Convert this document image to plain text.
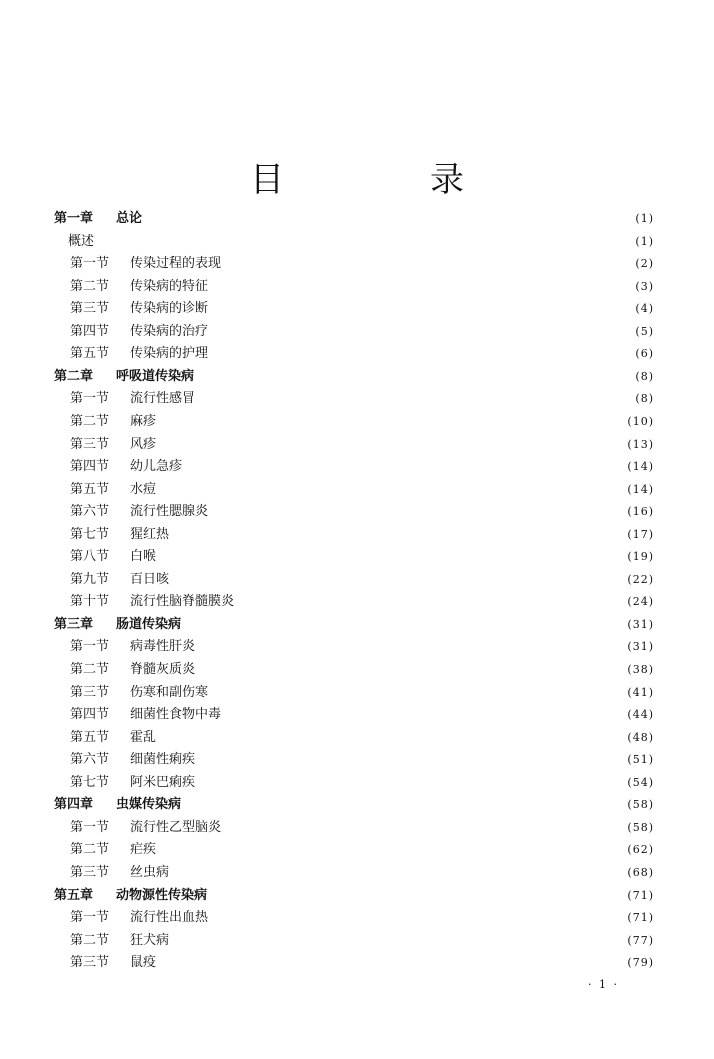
目　录
第一章	总论	(1)
概述	(1)
第一节	传染过程的表现	(2)
第二节	传染病的特征	(3)
第三节	传染病的诊断	(4)
第四节	传染病的治疗	(5)
第五节	传染病的护理	(6)
第二章	呼吸道传染病	(8)
第一节	流行性感冒	(8)
第二节	麻疹	(10)
第三节	风疹	(13)
第四节	幼儿急疹	(14)
第五节	水痘	(14)
第六节	流行性腮腺炎	(16)
第七节	猩红热	(17)
第八节	白喉	(19)
第九节	百日咳	(22)
第十节	流行性脑脊髓膜炎	(24)
第三章	肠道传染病	(31)
第一节	病毒性肝炎	(31)
第二节	脊髓灰质炎	(38)
第三节	伤寒和副伤寒	(41)
第四节	细菌性食物中毒	(44)
第五节	霍乱	(48)
第六节	细菌性痢疾	(51)
第七节	阿米巴痢疾	(54)
第四章	虫媒传染病	(58)
第一节	流行性乙型脑炎	(58)
第二节	疟疾	(62)
第三节	丝虫病	(68)
第五章	动物源性传染病	(71)
第一节	流行性出血热	(71)
第二节	狂犬病	(77)
第三节	鼠疫	(79)
· 1 ·
